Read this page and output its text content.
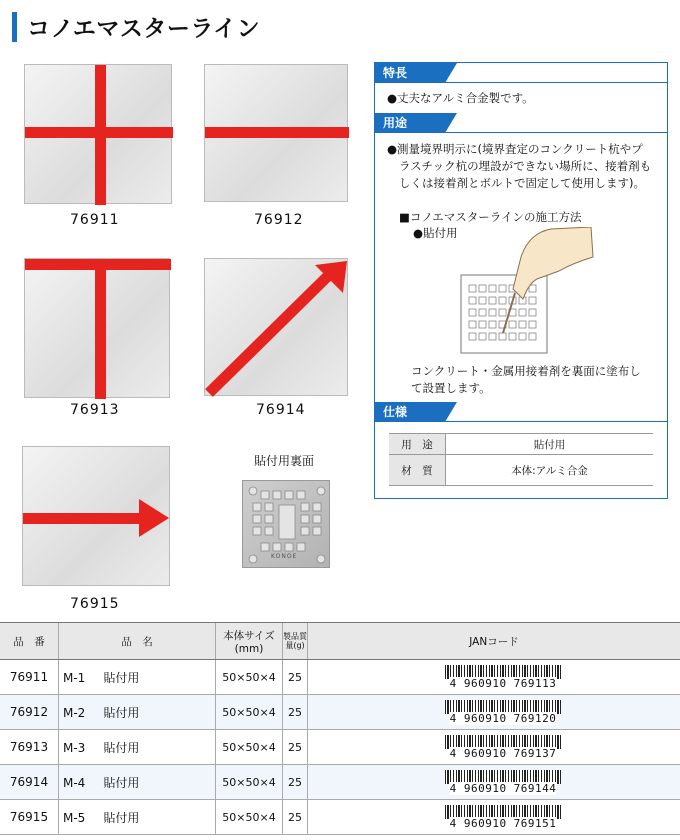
コノエマスターライン
76911	76912
76913	76914
76915
貼付用裏面
KONOE
特長
●丈夫なアルミ合金製です。
用途
●測量境界明示に(境界査定のコンクリート杭やプ
ラスチック杭の埋設ができない場所に、接着剤も
しくは接着剤とボルトで固定して使用します)。
■コノエマスターラインの施工方法
●貼付用
コンクリート・金属用接着剤を裏面に塗布し
て設置します。
仕様
用　途	貼付用
材　質	本体:アルミ合金
品　番	品　名	本体サイズ(mm)	製品質量(g)	JANコード
76911	M-1 貼付用	50×50×4	25	4 960910 769113

76912	M-2 貼付用	50×50×4	25	4 960910 769120

76913	M-3 貼付用	50×50×4	25	4 960910 769137

76914	M-4 貼付用	50×50×4	25	4 960910 769144

76915	M-5 貼付用	50×50×4	25	4 960910 769151
